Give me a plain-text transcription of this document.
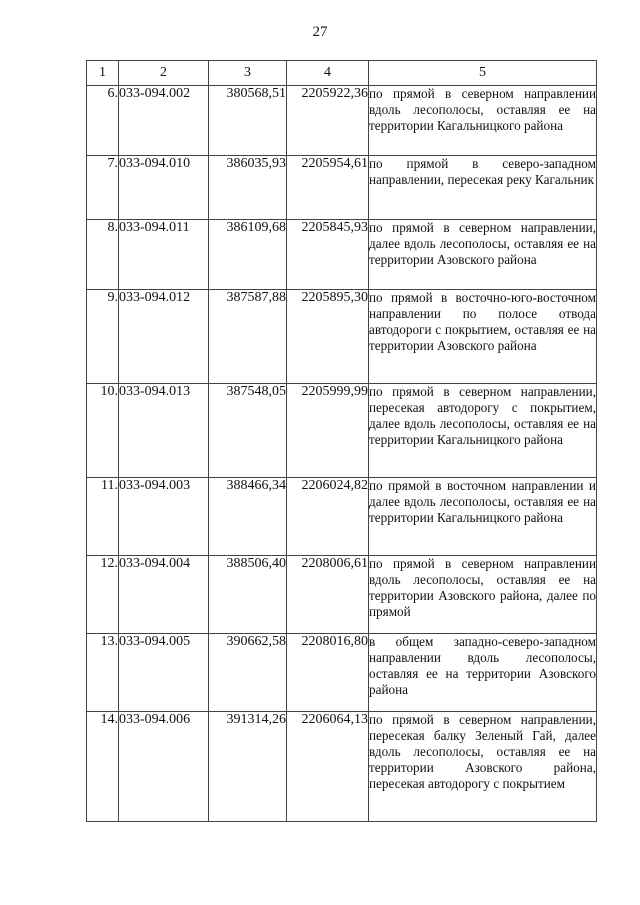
27
1	2	3	4	5
6.	033-094.002	380568,51	2205922,36	по прямой в северном направлении вдоль лесополосы, оставляя ее на территории Кагальницкого района
7.	033-094.010	386035,93	2205954,61	по прямой в северо-западном направлении, пересекая реку Кагальник
8.	033-094.011	386109,68	2205845,93	по прямой в северном направлении, далее вдоль лесополосы, оставляя ее на территории Азовского района
9.	033-094.012	387587,88	2205895,30	по прямой в восточно-юго-восточном направлении по полосе отвода автодороги с покрытием, оставляя ее на территории Азовского района
10.	033-094.013	387548,05	2205999,99	по прямой в северном направлении, пересекая автодорогу с покрытием, далее вдоль лесополосы, оставляя ее на территории Кагальницкого района
11.	033-094.003	388466,34	2206024,82	по прямой в восточном направлении и далее вдоль лесополосы, оставляя ее на территории Кагальницкого района
12.	033-094.004	388506,40	2208006,61	по прямой в северном направлении вдоль лесополосы, оставляя ее на территории Азовского района, далее по прямой
13.	033-094.005	390662,58	2208016,80	в общем западно-северо-западном направлении вдоль лесополосы, оставляя ее на территории Азовского района
14.	033-094.006	391314,26	2206064,13	по прямой в северном направлении, пересекая балку Зеленый Гай, далее вдоль лесополосы, оставляя ее на территории Азовского района, пересекая автодорогу с покрытием
